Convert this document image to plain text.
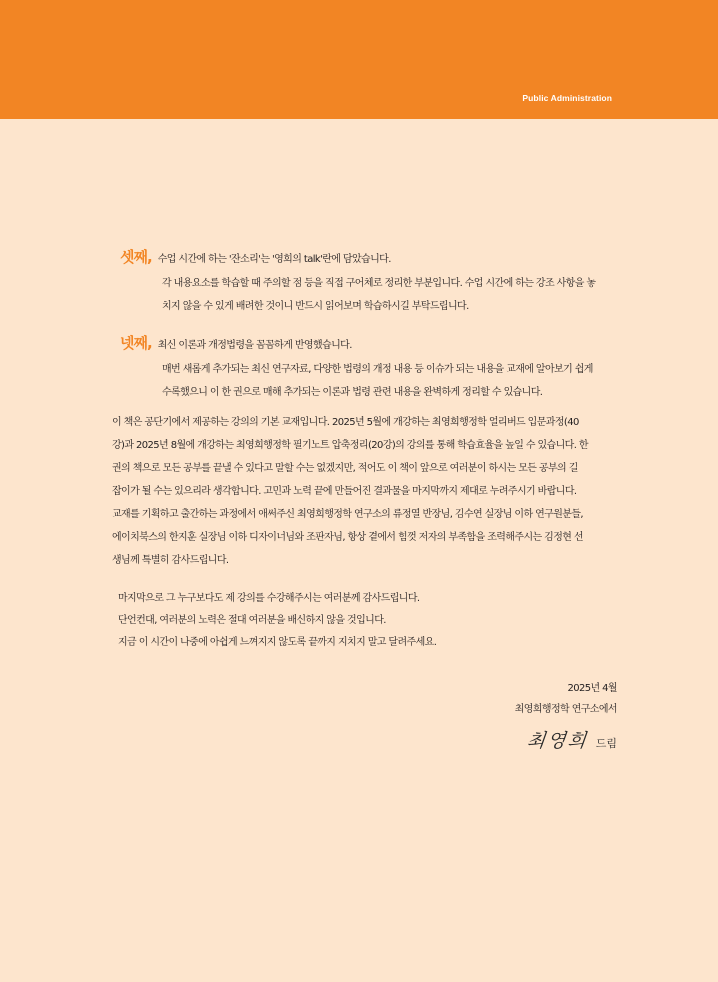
Public Administration
셋째, 수업 시간에 하는 '잔소리'는 '영희의 talk'란에 담았습니다.
각 내용요소를 학습할 때 주의할 점 등을 직접 구어체로 정리한 부분입니다. 수업 시간에 하는 강조 사항을 놓
치지 않을 수 있게 배려한 것이니 반드시 읽어보며 학습하시길 부탁드립니다.
넷째, 최신 이론과 개정법령을 꼼꼼하게 반영했습니다.
매번 새롭게 추가되는 최신 연구자료, 다양한 법령의 개정 내용 등 이슈가 되는 내용을 교재에 알아보기 쉽게
수록했으니 이 한 권으로 매해 추가되는 이론과 법령 관련 내용을 완벽하게 정리할 수 있습니다.
이 책은 공단기에서 제공하는 강의의 기본 교재입니다. 2025년 5월에 개강하는 최영희행정학 얼리버드 입문과정(40
강)과 2025년 8월에 개강하는 최영희행정학 필기노트 압축정리(20강)의 강의를 통해 학습효율을 높일 수 있습니다. 한
권의 책으로 모든 공부를 끝낼 수 있다고 말할 수는 없겠지만, 적어도 이 책이 앞으로 여러분이 하시는 모든 공부의 길
잡이가 될 수는 있으리라 생각합니다. 고민과 노력 끝에 만들어진 결과물을 마지막까지 제대로 누려주시기 바랍니다.
교재를 기획하고 출간하는 과정에서 애써주신 최영희행정학 연구소의 류정열 반장님, 김수연 실장님 이하 연구원분들,
에이치북스의 한지훈 실장님 이하 디자이너님와 조판자님, 항상 곁에서 힘껏 저자의 부족함을 조력해주시는 김정현 선
생님께 특별히 감사드립니다.
마지막으로 그 누구보다도 제 강의를 수강해주시는 여러분께 감사드립니다.
단언컨대, 여러분의 노력은 절대 여러분을 배신하지 않을 것입니다.
지금 이 시간이 나중에 아쉽게 느껴지지 않도록 끝까지 지치지 말고 달려주세요.
2025년 4월
최영희행정학 연구소에서
최영희 드림
